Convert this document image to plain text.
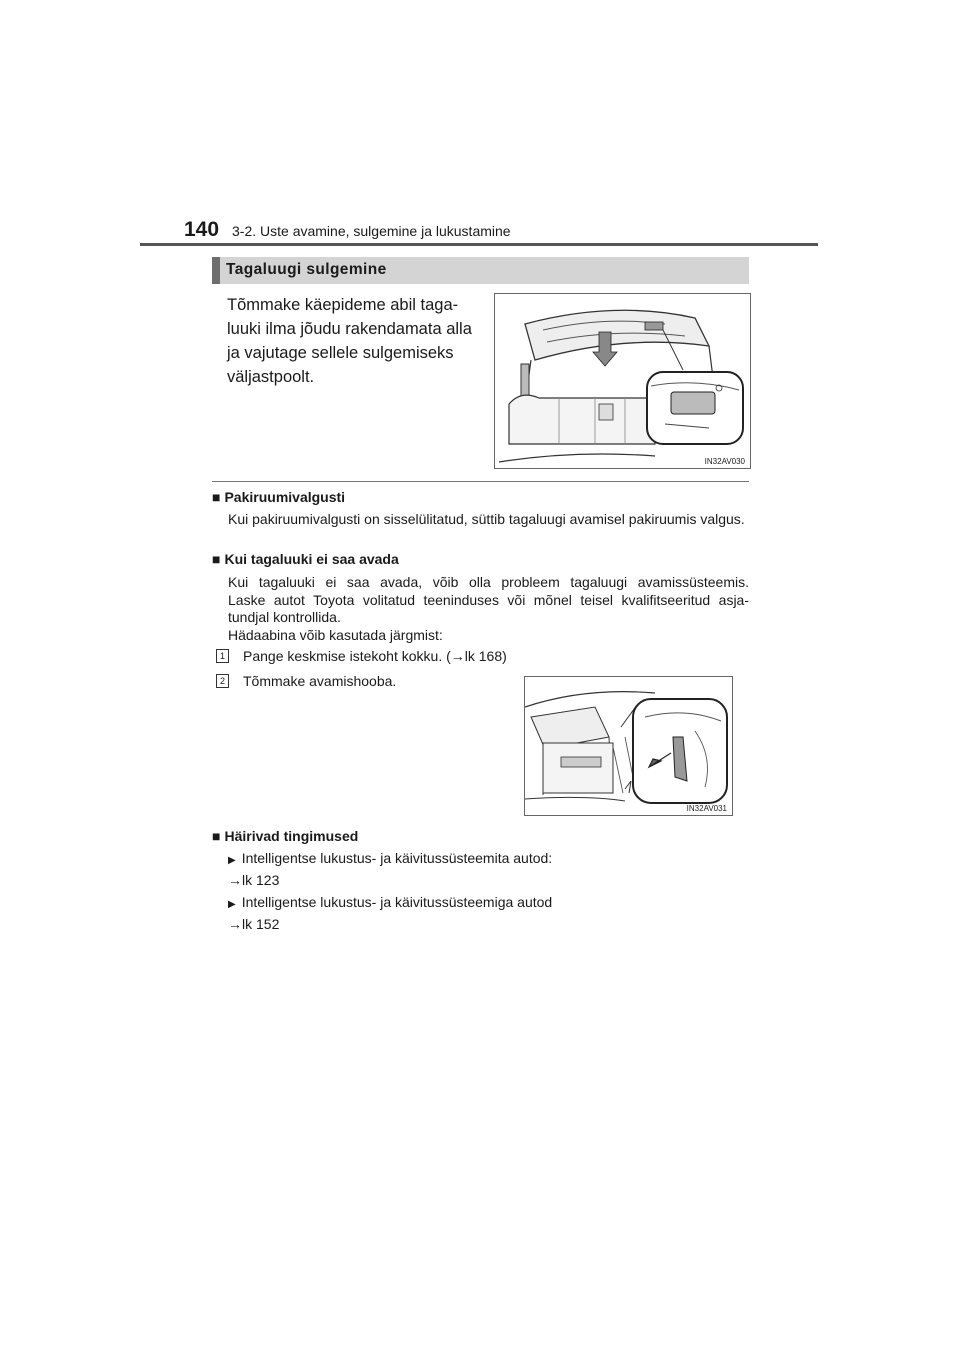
140 3-2. Uste avamine, sulgemine ja lukustamine
Tagaluugi sulgemine
Tõmmake käepideme abil taga-
luuki ilma jõudu rakendamata alla
ja vajutage sellele sulgemiseks
väljastpoolt.
IN32AV030
■ Pakiruumivalgusti
Kui pakiruumivalgusti on sisselülitatud, süttib tagaluugi avamisel pakiruumis valgus.
■ Kui tagaluuki ei saa avada
Kui tagaluuki ei saa avada, võib olla probleem tagaluugi avamissüsteemis.
Laske autot Toyota volitatud teeninduses või mõnel teisel kvalifitseeritud asja-
tundjal kontrollida.
Hädaabina võib kasutada järgmist:
1 Pange keskmise istekoht kokku. (→lk 168)
2 Tõmmake avamishooba.
IN32AV031
■ Häirivad tingimused
▶ Intelligentse lukustus- ja käivitussüsteemita autod:
→lk 123
▶ Intelligentse lukustus- ja käivitussüsteemiga autod
→lk 152
